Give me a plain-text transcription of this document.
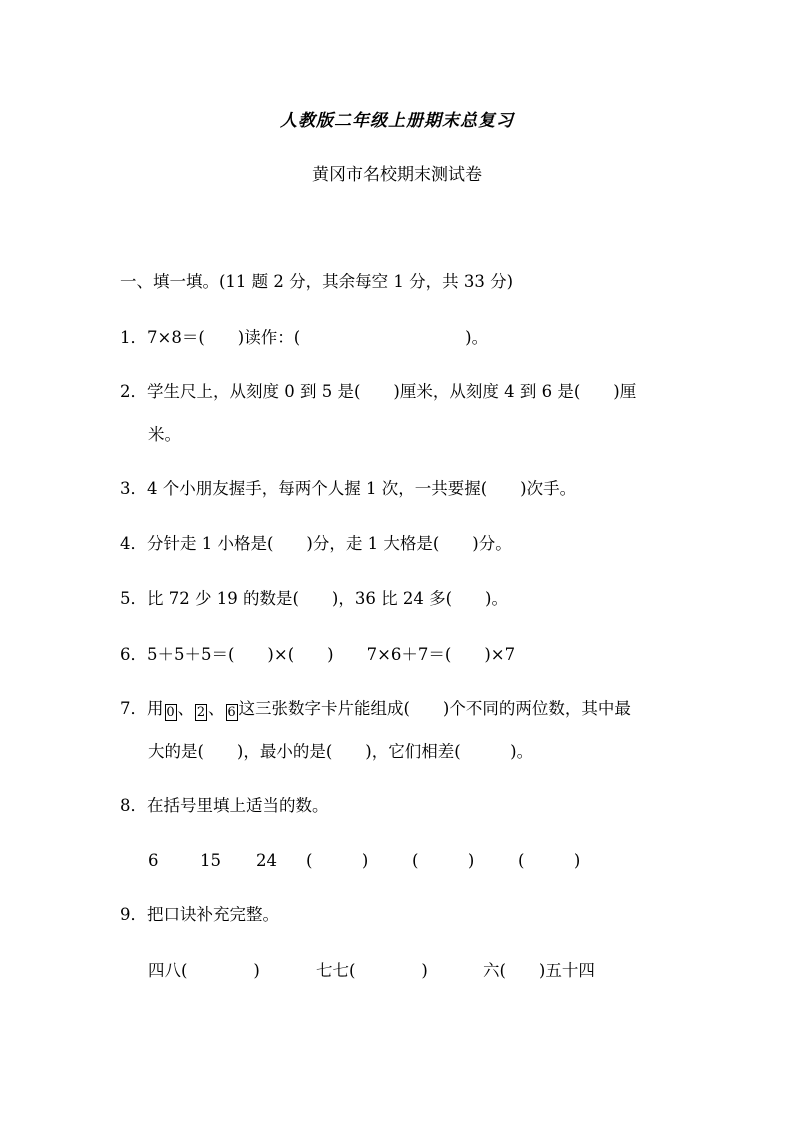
人教版二年级上册期末总复习
黄冈市名校期末测试卷
一、填一填。(11 题 2 分，其余每空 1 分，共 33 分)
1．7×8＝(　　)读作：(　　　　　　　　　　)。
2．学生尺上，从刻度 0 到 5 是(　　)厘米，从刻度 4 到 6 是(　　)厘
米。
3．4 个小朋友握手，每两个人握 1 次，一共要握(　　)次手。
4．分针走 1 小格是(　　)分，走 1 大格是(　　)分。
5．比 72 少 19 的数是(　　)，36 比 24 多(　　)。
6．5＋5＋5＝(　　)×(　　)　　7×6＋7＝(　　)×7
7．用 0 、 2 、 6 这三张数字卡片能组成(　　)个不同的两位数，其中最
大的是(　　)，最小的是(　　)，它们相差(　　　)。
8．在括号里填上适当的数。
6	15 24 (　　　)	(　　　)	(　　　)
9．把口诀补充完整。
四八(　　　　)	七七(　　　　)	六(　　)五十四
